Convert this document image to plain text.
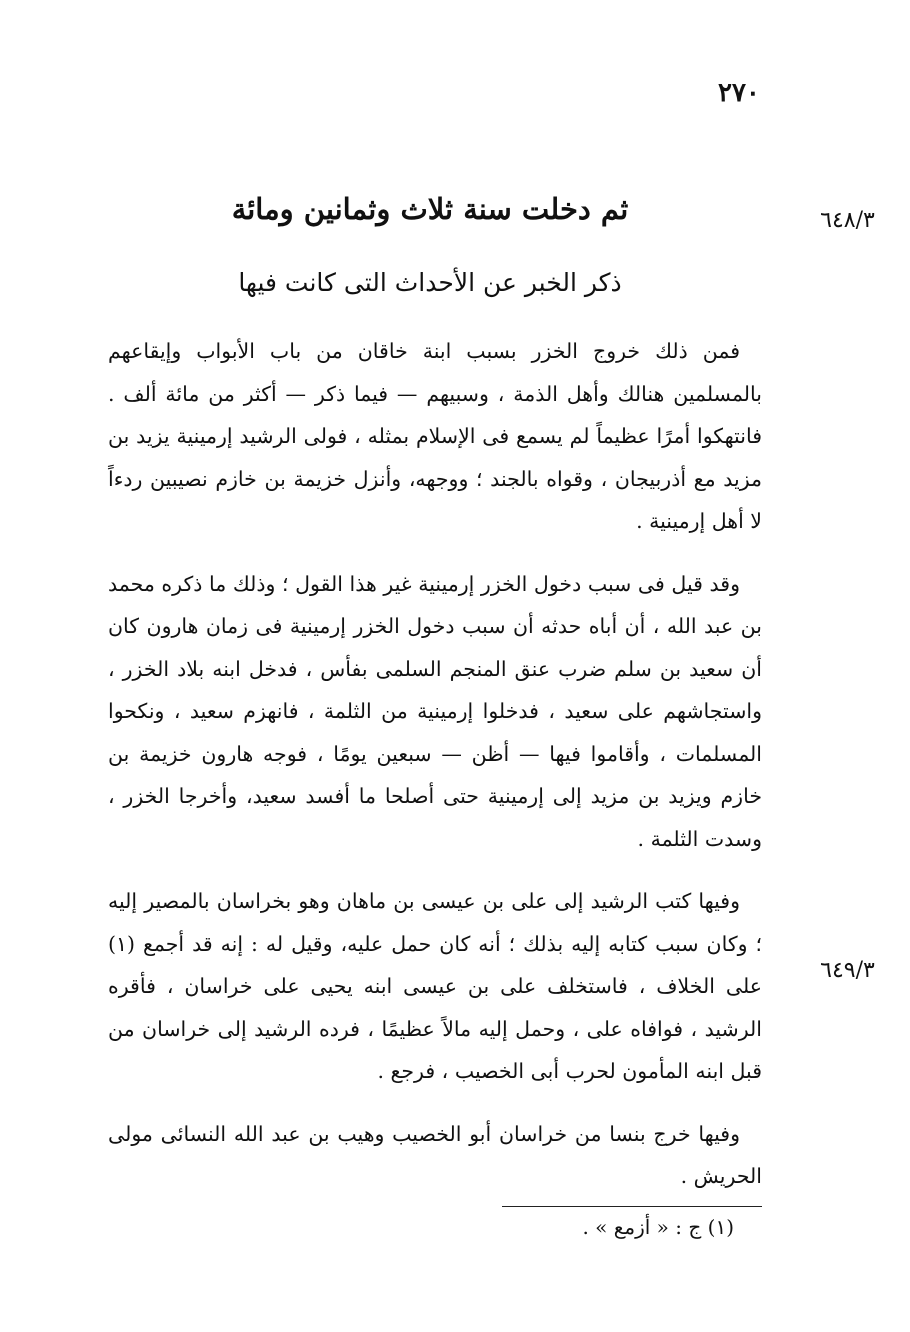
٢٧٠
٦٤٨/٣
٦٤٩/٣
ثم دخلت سنة ثلاث وثمانين ومائة
ذكر الخبر عن الأحداث التى كانت فيها

فمن ذلك خروج الخزر بسبب ابنة خاقان من باب الأبواب وإيقاعهم بالمسلمين هنالك وأهل الذمة ، وسبيهم — فيما ذكر — أكثر من مائة ألف . فانتهكوا أمرًا عظيماً لم يسمع فى الإسلام بمثله ، فولى الرشيد إرمينية يزيد بن مزيد مع أذربيجان ، وقواه بالجند ؛ ووجهه، وأنزل خزيمة بن خازم نصيبين ردءاً لا أهل إرمينية .

وقد قيل فى سبب دخول الخزر إرمينية غير هذا القول ؛ وذلك ما ذكره محمد بن عبد الله ، أن أباه حدثه أن سبب دخول الخزر إرمينية فى زمان هارون كان أن سعيد بن سلم ضرب عنق المنجم السلمى بفأس ، فدخل ابنه بلاد الخزر ، واستجاشهم على سعيد ، فدخلوا إرمينية من الثلمة ، فانهزم سعيد ، ونكحوا المسلمات ، وأقاموا فيها — أظن — سبعين يومًا ، فوجه هارون خزيمة بن خازم ويزيد بن مزيد إلى إرمينية حتى أصلحا ما أفسد سعيد، وأخرجا الخزر ، وسدت الثلمة .

وفيها كتب الرشيد إلى على بن عيسى بن ماهان وهو بخراسان بالمصير إليه ؛ وكان سبب كتابه إليه بذلك ؛ أنه كان حمل عليه، وقيل له : إنه قد أجمع (١) على الخلاف ، فاستخلف على بن عيسى ابنه يحيى على خراسان ، فأقره الرشيد ، فوافاه على ، وحمل إليه مالاً عظيمًا ، فرده الرشيد إلى خراسان من قبل ابنه المأمون لحرب أبى الخصيب ، فرجع .

وفيها خرج بنسا من خراسان أبو الخصيب وهيب بن عبد الله النسائى مولى الحريش .

(١) ج : « أزمع » .
